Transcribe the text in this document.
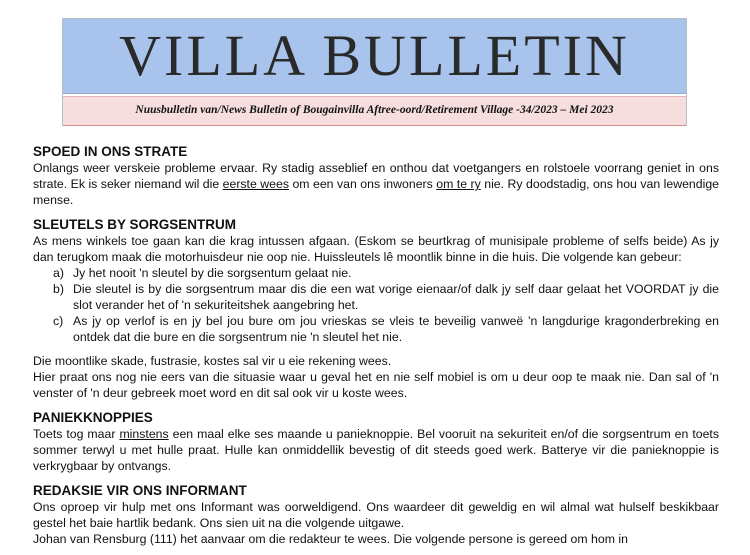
VILLA BULLETIN
Nuusbulletin van/News Bulletin of Bougainvilla Aftree-oord/Retirement Village -34/2023 – Mei 2023
SPOED IN ONS STRATE

Onlangs weer verskeie probleme ervaar. Ry stadig asseblief en onthou dat voetgangers en rolstoele voorrang geniet in ons strate. Ek is seker niemand wil die eerste wees om een van ons inwoners om te ry nie. Ry doodstadig, ons hou van lewendige mense.

SLEUTELS BY SORGSENTRUM

As mens winkels toe gaan kan die krag intussen afgaan. (Eskom se beurtkrag of munisipale probleme of selfs beide) As jy dan terugkom maak die motorhuisdeur nie oop nie. Huissleutels lê moontlik binne in die huis. Die volgende kan gebeur:

a) Jy het nooit 'n sleutel by die sorgsentum gelaat nie.
b) Die sleutel is by die sorgsentrum maar dis die een wat vorige eienaar/of dalk jy self daar gelaat het VOORDAT jy die slot verander het of 'n sekuriteitshek aangebring het.
c) As jy op verlof is en jy bel jou bure om jou vrieskas se vleis te beveilig vanweë 'n langdurige kragonderbreking en ontdek dat die bure en die sorgsentrum nie 'n sleutel het nie.

Die moontlike skade, fustrasie, kostes sal vir u eie rekening wees.

Hier praat ons nog nie eers van die situasie waar u geval het en nie self mobiel is om u deur oop te maak nie. Dan sal of 'n venster of 'n deur gebreek moet word en dit sal ook vir u koste wees.

PANIEKKNOPPIES

Toets tog maar minstens een maal elke ses maande u panieknoppie. Bel vooruit na sekuriteit en/of die sorgsentrum en toets sommer terwyl u met hulle praat. Hulle kan onmiddellik bevestig of dit steeds goed werk. Batterye vir die panieknoppie is verkrygbaar by ontvangs.

REDAKSIE VIR ONS INFORMANT

Ons oproep vir hulp met ons Informant was oorweldigend. Ons waardeer dit geweldig en wil almal wat hulself beskikbaar gestel het baie hartlik bedank. Ons sien uit na die volgende uitgawe.

Johan van Rensburg (111) het aanvaar om die redakteur te wees. Die volgende persone is gereed om hom in
